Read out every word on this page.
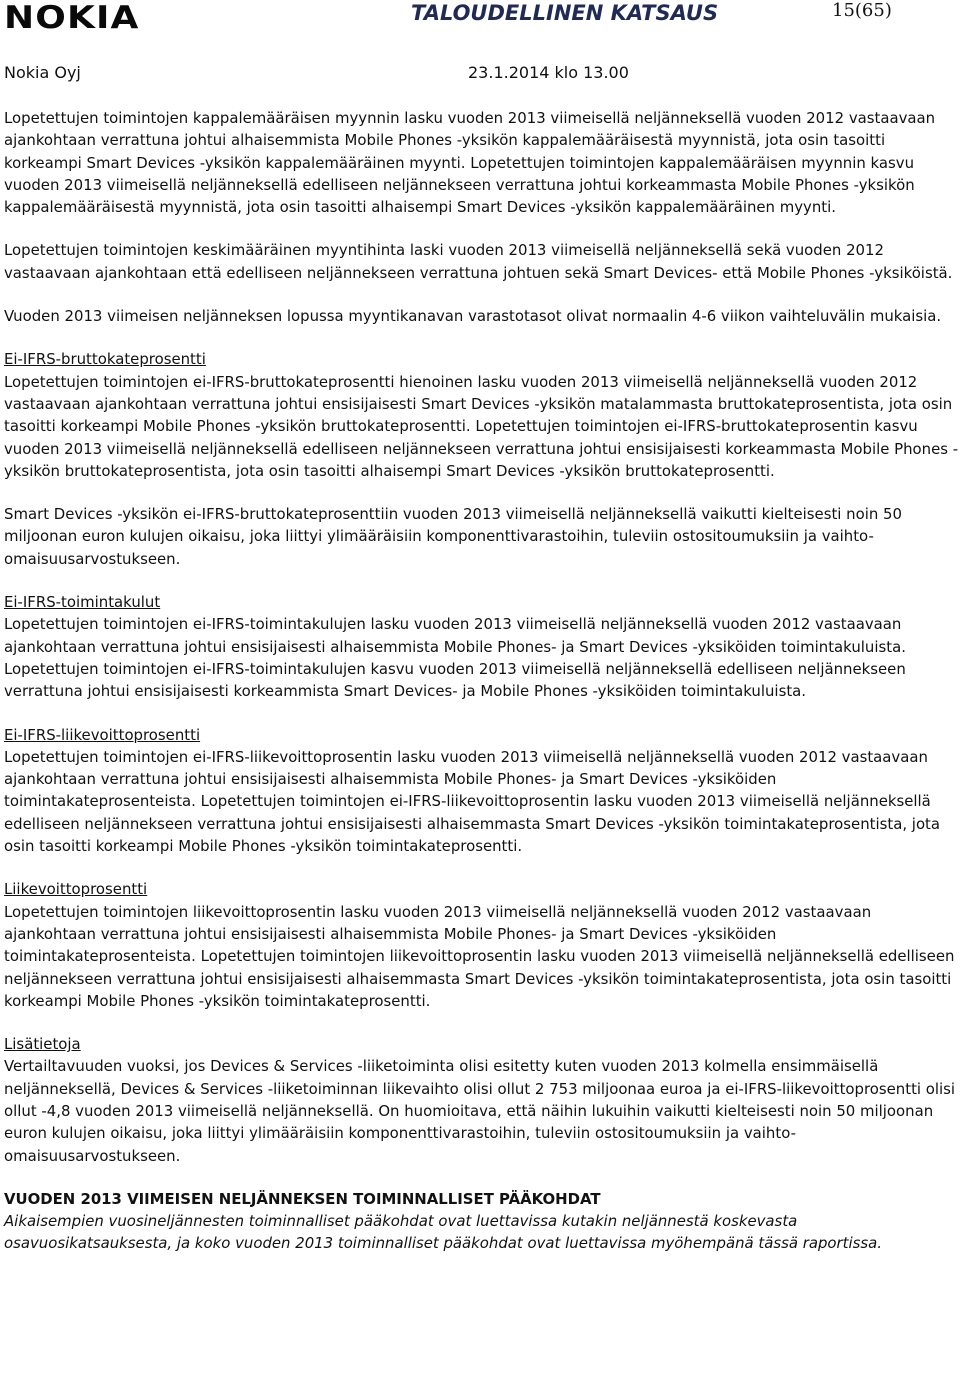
NOKIA	TALOUDELLINEN KATSAUS	15(65)
Nokia Oyj	23.1.2014 klo 13.00

Lopetettujen toimintojen kappalemääräisen myynnin lasku vuoden 2013 viimeisellä neljänneksellä vuoden 2012 vastaavaan ajankohtaan verrattuna johtui alhaisemmista Mobile Phones -yksikön kappalemääräisestä myynnistä, jota osin tasoitti korkeampi Smart Devices -yksikön kappalemääräinen myynti. Lopetettujen toimintojen kappalemääräisen myynnin kasvu vuoden 2013 viimeisellä neljänneksellä edelliseen neljännekseen verrattuna johtui korkeammasta Mobile Phones -yksikön kappalemääräisestä myynnistä, jota osin tasoitti alhaisempi Smart Devices -yksikön kappalemääräinen myynti.

Lopetettujen toimintojen keskimääräinen myyntihinta laski vuoden 2013 viimeisellä neljänneksellä sekä vuoden 2012 vastaavaan ajankohtaan että edelliseen neljännekseen verrattuna johtuen sekä Smart Devices- että Mobile Phones -yksiköistä.

Vuoden 2013 viimeisen neljänneksen lopussa myyntikanavan varastotasot olivat normaalin 4-6 viikon vaihteluvälin mukaisia.

Ei-IFRS-bruttokateprosentti
Lopetettujen toimintojen ei-IFRS-bruttokateprosentti hienoinen lasku vuoden 2013 viimeisellä neljänneksellä vuoden 2012 vastaavaan ajankohtaan verrattuna johtui ensisijaisesti Smart Devices -yksikön matalammasta bruttokateprosentista, jota osin tasoitti korkeampi Mobile Phones -yksikön bruttokateprosentti. Lopetettujen toimintojen ei-IFRS-bruttokateprosentin kasvu vuoden 2013 viimeisellä neljänneksellä edelliseen neljännekseen verrattuna johtui ensisijaisesti korkeammasta Mobile Phones -yksikön bruttokateprosentista, jota osin tasoitti alhaisempi Smart Devices -yksikön bruttokateprosentti.

Smart Devices -yksikön ei-IFRS-bruttokateprosenttiin vuoden 2013 viimeisellä neljänneksellä vaikutti kielteisesti noin 50 miljoonan euron kulujen oikaisu, joka liittyi ylimääräisiin komponenttivarastoihin, tuleviin ostositoumuksiin ja vaihto-omaisuusarvostukseen.

Ei-IFRS-toimintakulut
Lopetettujen toimintojen ei-IFRS-toimintakulujen lasku vuoden 2013 viimeisellä neljänneksellä vuoden 2012 vastaavaan ajankohtaan verrattuna johtui ensisijaisesti alhaisemmista Mobile Phones- ja Smart Devices -yksiköiden toimintakuluista. Lopetettujen toimintojen ei-IFRS-toimintakulujen kasvu vuoden 2013 viimeisellä neljänneksellä edelliseen neljännekseen verrattuna johtui ensisijaisesti korkeammista Smart Devices- ja Mobile Phones -yksiköiden toimintakuluista.

Ei-IFRS-liikevoittoprosentti
Lopetettujen toimintojen ei-IFRS-liikevoittoprosentin lasku vuoden 2013 viimeisellä neljänneksellä vuoden 2012 vastaavaan ajankohtaan verrattuna johtui ensisijaisesti alhaisemmista Mobile Phones- ja Smart Devices -yksiköiden toimintakateprosenteista. Lopetettujen toimintojen ei-IFRS-liikevoittoprosentin lasku vuoden 2013 viimeisellä neljänneksellä edelliseen neljännekseen verrattuna johtui ensisijaisesti alhaisemmasta Smart Devices -yksikön toimintakateprosentista, jota osin tasoitti korkeampi Mobile Phones -yksikön toimintakateprosentti.

Liikevoittoprosentti
Lopetettujen toimintojen liikevoittoprosentin lasku vuoden 2013 viimeisellä neljänneksellä vuoden 2012 vastaavaan ajankohtaan verrattuna johtui ensisijaisesti alhaisemmista Mobile Phones- ja Smart Devices -yksiköiden toimintakateprosenteista. Lopetettujen toimintojen liikevoittoprosentin lasku vuoden 2013 viimeisellä neljänneksellä edelliseen neljännekseen verrattuna johtui ensisijaisesti alhaisemmasta Smart Devices -yksikön toimintakateprosentista, jota osin tasoitti korkeampi Mobile Phones -yksikön toimintakateprosentti.

Lisätietoja
Vertailtavuuden vuoksi, jos Devices & Services -liiketoiminta olisi esitetty kuten vuoden 2013 kolmella ensimmäisellä neljänneksellä, Devices & Services -liiketoiminnan liikevaihto olisi ollut 2 753 miljoonaa euroa ja ei-IFRS-liikevoittoprosentti olisi ollut -4,8 vuoden 2013 viimeisellä neljänneksellä. On huomioitava, että näihin lukuihin vaikutti kielteisesti noin 50 miljoonan euron kulujen oikaisu, joka liittyi ylimääräisiin komponenttivarastoihin, tuleviin ostositoumuksiin ja vaihto-omaisuusarvostukseen.

VUODEN 2013 VIIMEISEN NELJÄNNEKSEN TOIMINNALLISET PÄÄKOHDAT
Aikaisempien vuosineljännesten toiminnalliset pääkohdat ovat luettavissa kutakin neljännestä koskevasta osavuosikatsauksesta, ja koko vuoden 2013 toiminnalliset pääkohdat ovat luettavissa myöhempänä tässä raportissa.
